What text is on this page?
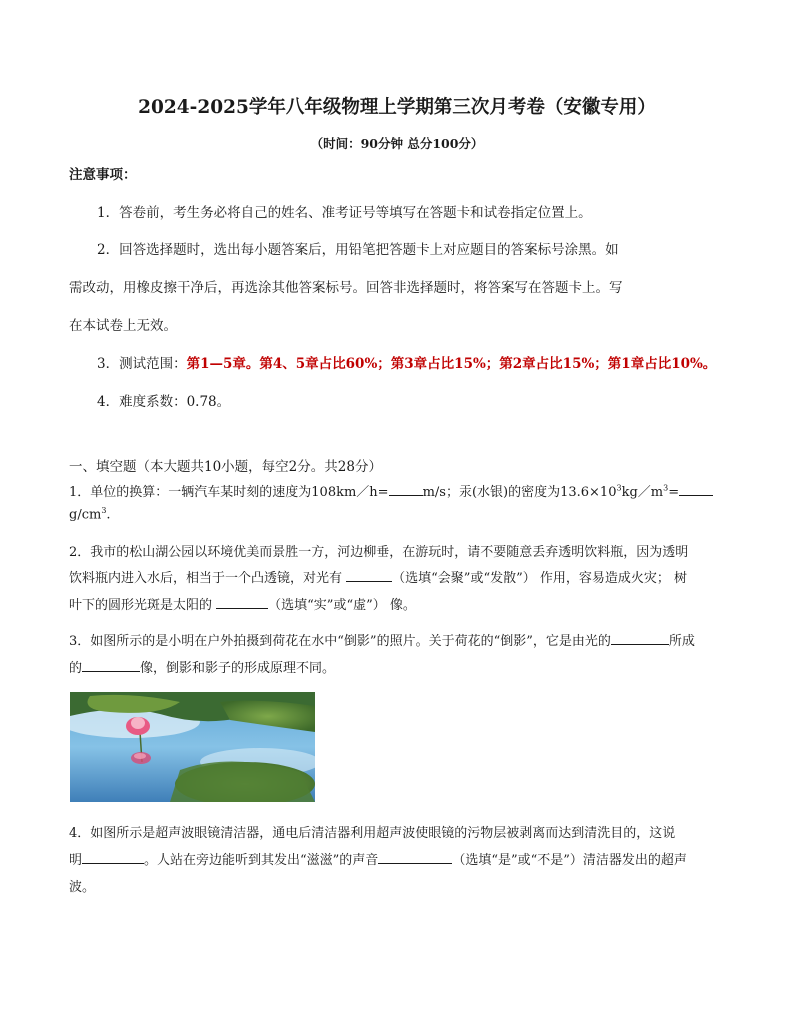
2024-2025学年八年级物理上学期第三次月考卷（安徽专用）
（时间：90分钟 总分100分）
注意事项：
1．答卷前，考生务必将自己的姓名、准考证号等填写在答题卡和试卷指定位置上。
2．回答选择题时，选出每小题答案后，用铅笔把答题卡上对应题目的答案标号涂黑。如
需改动，用橡皮擦干净后，再选涂其他答案标号。回答非选择题时，将答案写在答题卡上。写
在本试卷上无效。
3．测试范围：第1—5章。第4、5章占比60%；第3章占比15%；第2章占比15%；第1章占比10%。
4．难度系数：0.78。
一、填空题（本大题共10小题，每空2分。共28分）
1．单位的换算：一辆汽车某时刻的速度为108km／h=	m/s；汞(水银)的密度为$13.6\times 10^3kg/m^3=$
$g/cm^3$.
2．我市的松山湖公园以环境优美而景胜一方，河边柳垂，在游玩时，请不要随意丢弃透明饮料瓶，因为透明
饮料瓶内进入水后，相当于一个凸透镜，对光有	（选填“会聚”或“发散”） 作用，容易造成火灾； 树
叶下的圆形光斑是太阳的	（选填“实”或“虚”） 像。
3．如图所示的是小明在户外拍摄到荷花在水中“倒影”的照片。关于荷花的“倒影”，它是由光的	所成
的	像，倒影和影子的形成原理不同。
4．如图所示是超声波眼镜清洁器，通电后清洁器利用超声波使眼镜的污物层被剥离而达到清洗目的，这说
明	。人站在旁边能听到其发出“滋滋”的声音	（选填“是”或“不是”）清洁器发出的超声
波。
